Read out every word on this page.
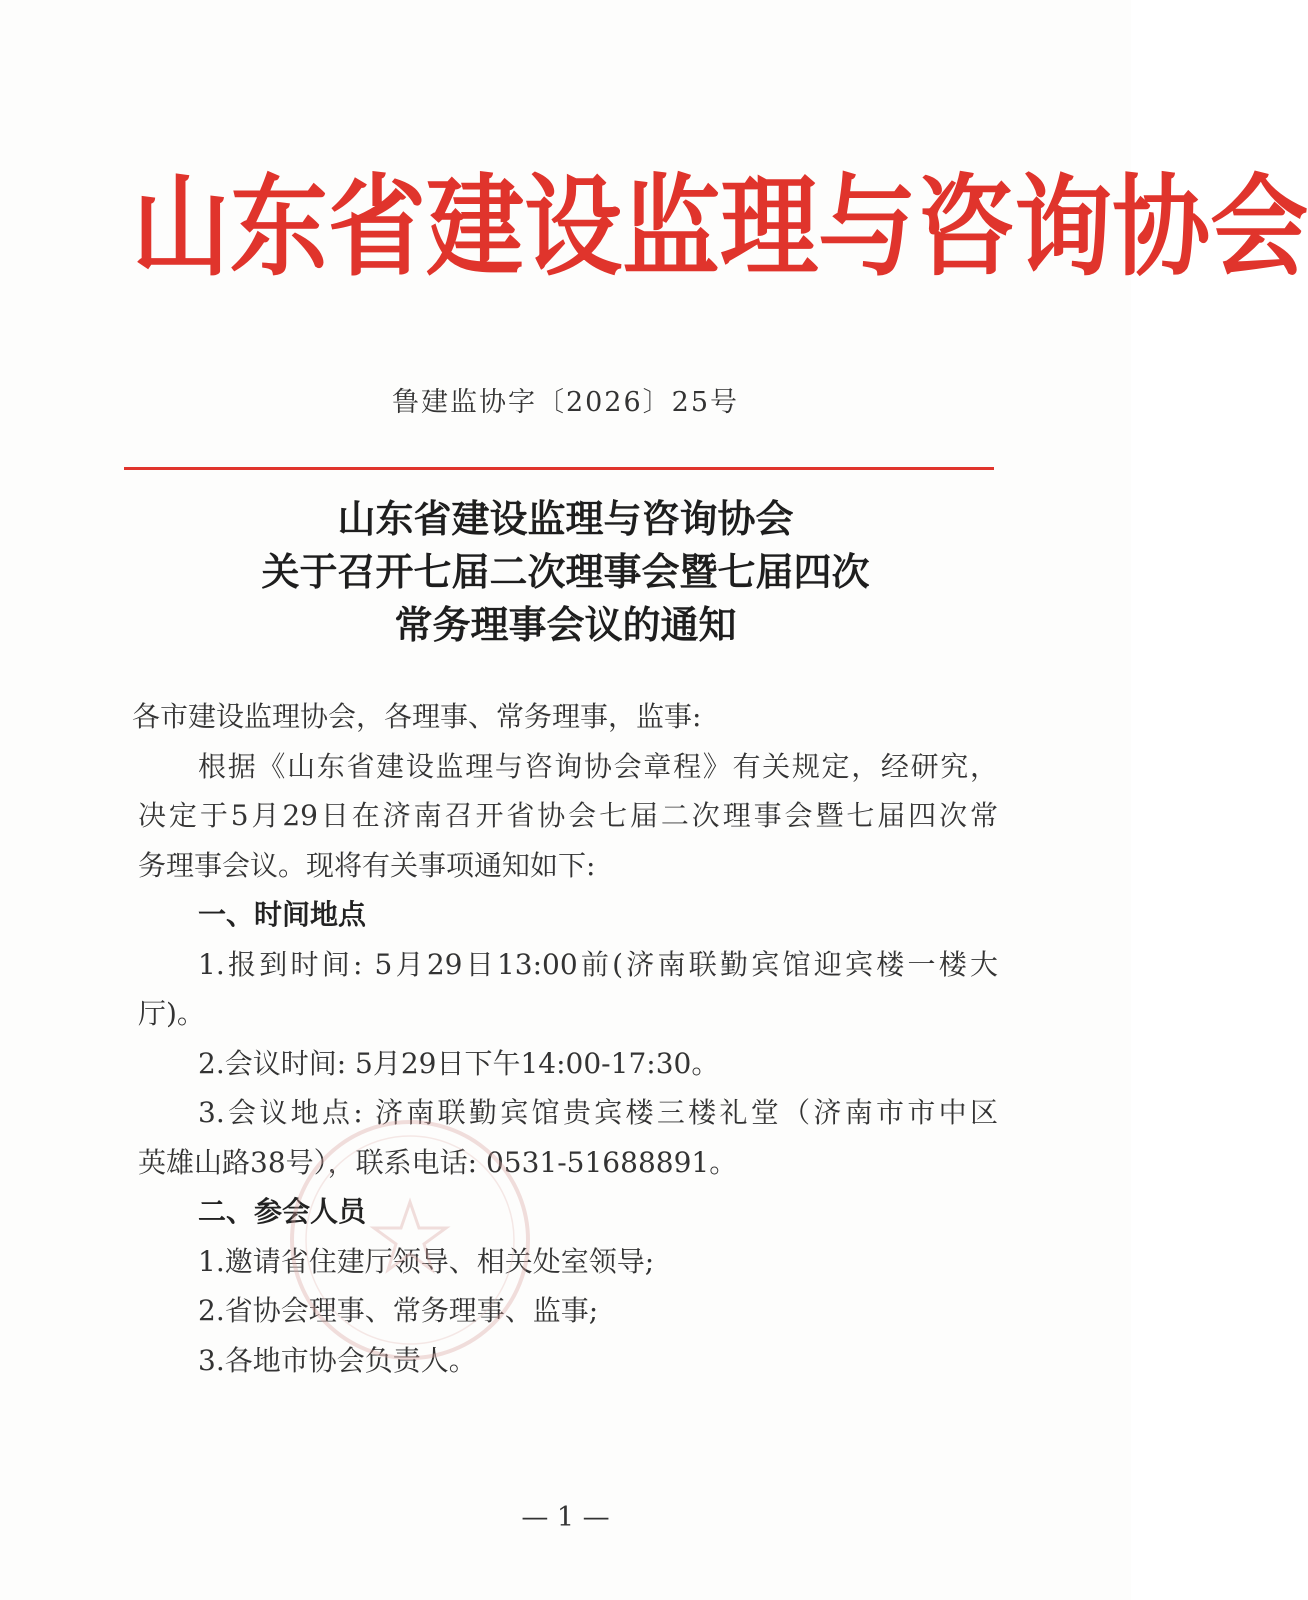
山 东 省 建 设 监 理 与 咨 询 协 会
鲁建监协字〔2026〕25号
山东省建设监理与咨询协会
关于召开七届二次理事会暨七届四次
常务理事会议的通知

各市建设监理协会，各理事、常务理事，监事:

根据《山东省建设监理与咨询协会章程》有关规定，经研究，

决定于5月29日在济南召开省协会七届二次理事会暨七届四次常

务理事会议。现将有关事项通知如下:

一、时间地点

1.报到时间: 5月29日13:00前(济南联勤宾馆迎宾楼一楼大

厅)。

2.会议时间: 5月29日下午14:00-17:30。

3.会议地点: 济南联勤宾馆贵宾楼三楼礼堂（济南市市中区

英雄山路38号），联系电话: 0531-51688891。

二、参会人员

1.邀请省住建厅领导、相关处室领导;

2.省协会理事、常务理事、监事;

3.各地市协会负责人。

— 1 —
